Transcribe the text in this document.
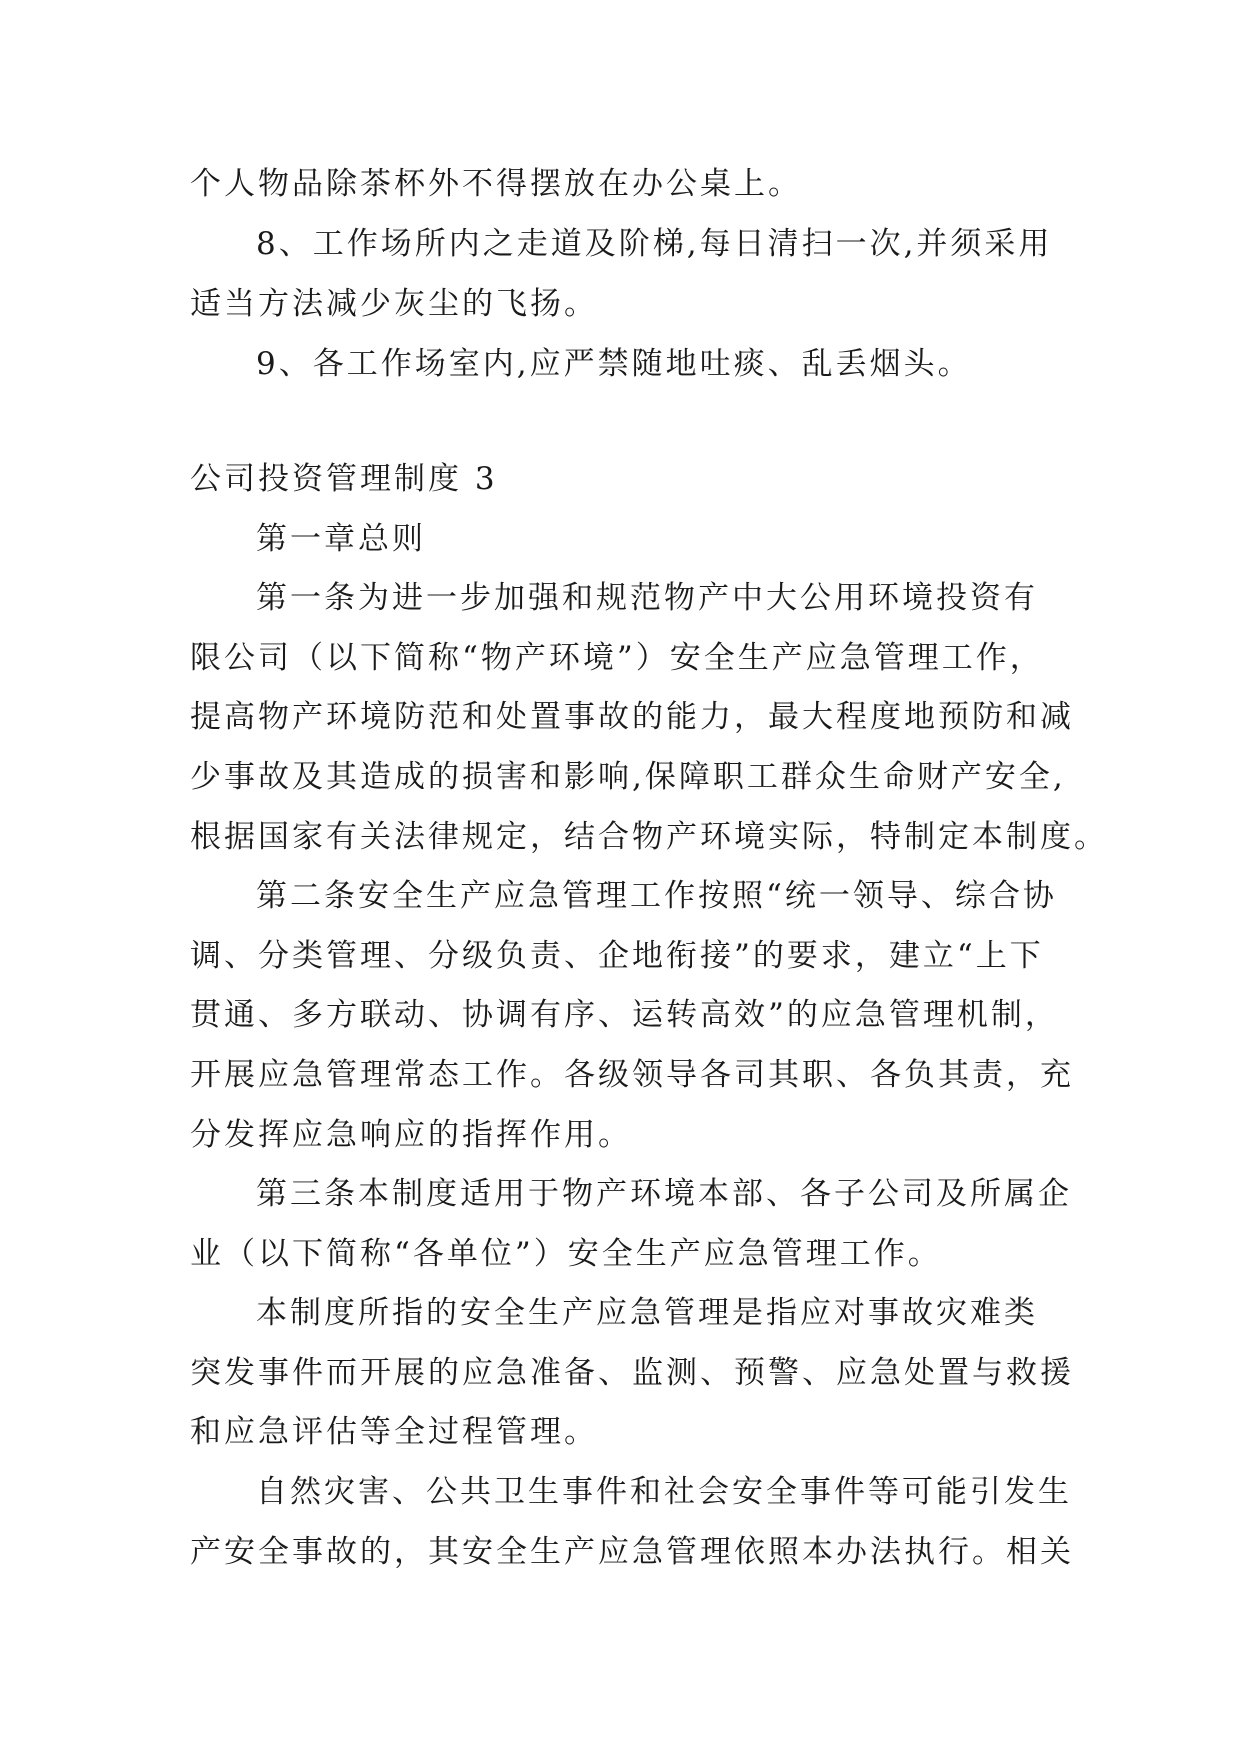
个人物品除茶杯外不得摆放在办公桌上。
8、工作场所内之走道及阶梯,每日清扫一次,并须采用
适当方法减少灰尘的飞扬。
9、各工作场室内,应严禁随地吐痰、乱丢烟头。
公司投资管理制度 3
第一章总则
第一条为进一步加强和规范物产中大公用环境投资有
限公司（以下简称“物产环境”）安全生产应急管理工作，
提高物产环境防范和处置事故的能力，最大程度地预防和减
少事故及其造成的损害和影响,保障职工群众生命财产安全,
根据国家有关法律规定，结合物产环境实际，特制定本制度。
第二条安全生产应急管理工作按照“统一领导、综合协
调、分类管理、分级负责、企地衔接”的要求，建立“上下
贯通、多方联动、协调有序、运转高效”的应急管理机制，
开展应急管理常态工作。各级领导各司其职、各负其责，充
分发挥应急响应的指挥作用。
第三条本制度适用于物产环境本部、各子公司及所属企
业（以下简称“各单位”）安全生产应急管理工作。
本制度所指的安全生产应急管理是指应对事故灾难类
突发事件而开展的应急准备、监测、预警、应急处置与救援
和应急评估等全过程管理。
自然灾害、公共卫生事件和社会安全事件等可能引发生
产安全事故的，其安全生产应急管理依照本办法执行。相关
